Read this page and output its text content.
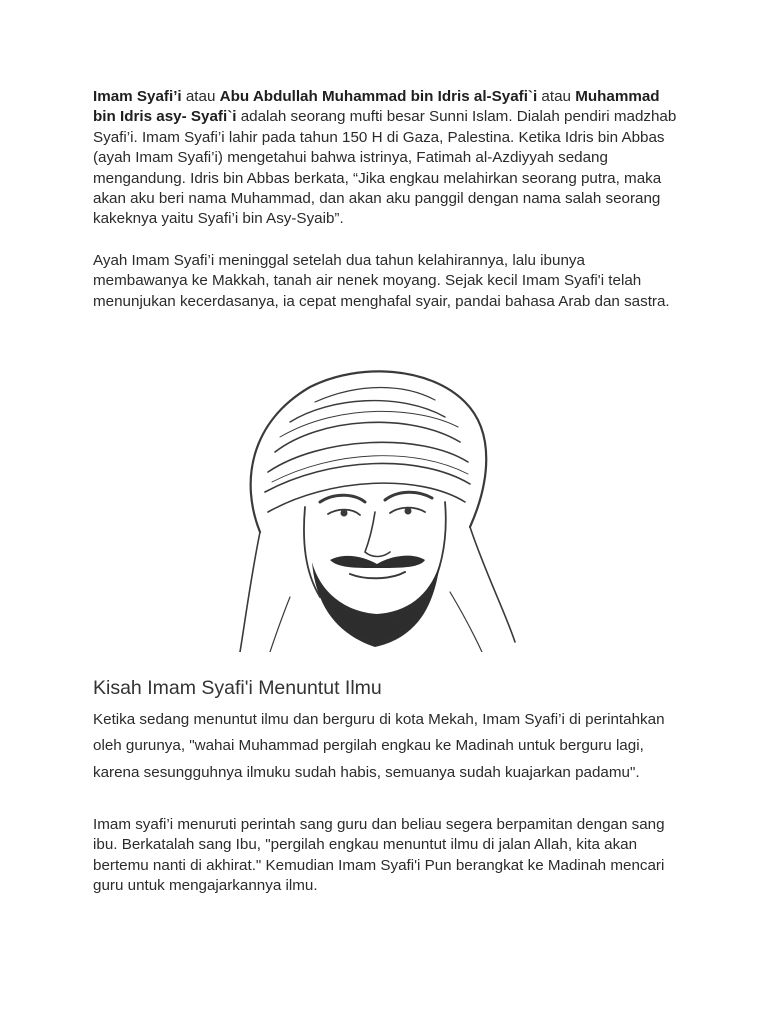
Imam Syafi’i atau Abu Abdullah Muhammad bin Idris al-Syafi`i atau Muhammad bin Idris asy- Syafi`i adalah seorang mufti besar Sunni Islam. Dialah pendiri madzhab Syafi’i. Imam Syafi’i lahir pada tahun 150 H di Gaza, Palestina. Ketika Idris bin Abbas (ayah Imam Syafi’i) mengetahui bahwa istrinya, Fatimah al-Azdiyyah sedang mengandung. Idris bin Abbas berkata, “Jika engkau melahirkan seorang putra, maka akan aku beri nama Muhammad, dan akan aku panggil dengan nama salah seorang kakeknya yaitu Syafi’i bin Asy-Syaib”.

Ayah Imam Syafi’i meninggal setelah dua tahun kelahirannya, lalu ibunya membawanya ke Makkah, tanah air nenek moyang. Sejak kecil Imam Syafi'i telah menunjukan kecerdasanya, ia cepat menghafal syair, pandai bahasa Arab dan sastra.

Kisah Imam Syafi'i Menuntut Ilmu

Ketika sedang menuntut ilmu dan berguru di kota Mekah, Imam Syafi’i di perintahkan oleh gurunya, "wahai Muhammad pergilah engkau ke Madinah untuk berguru lagi, karena sesungguhnya ilmuku sudah habis, semuanya sudah kuajarkan padamu".

Imam syafi’i menuruti perintah sang guru dan beliau segera berpamitan dengan sang ibu. Berkatalah sang Ibu, "pergilah engkau menuntut ilmu di jalan Allah, kita akan bertemu nanti di akhirat." Kemudian Imam Syafi'i Pun berangkat ke Madinah mencari guru untuk mengajarkannya ilmu.
